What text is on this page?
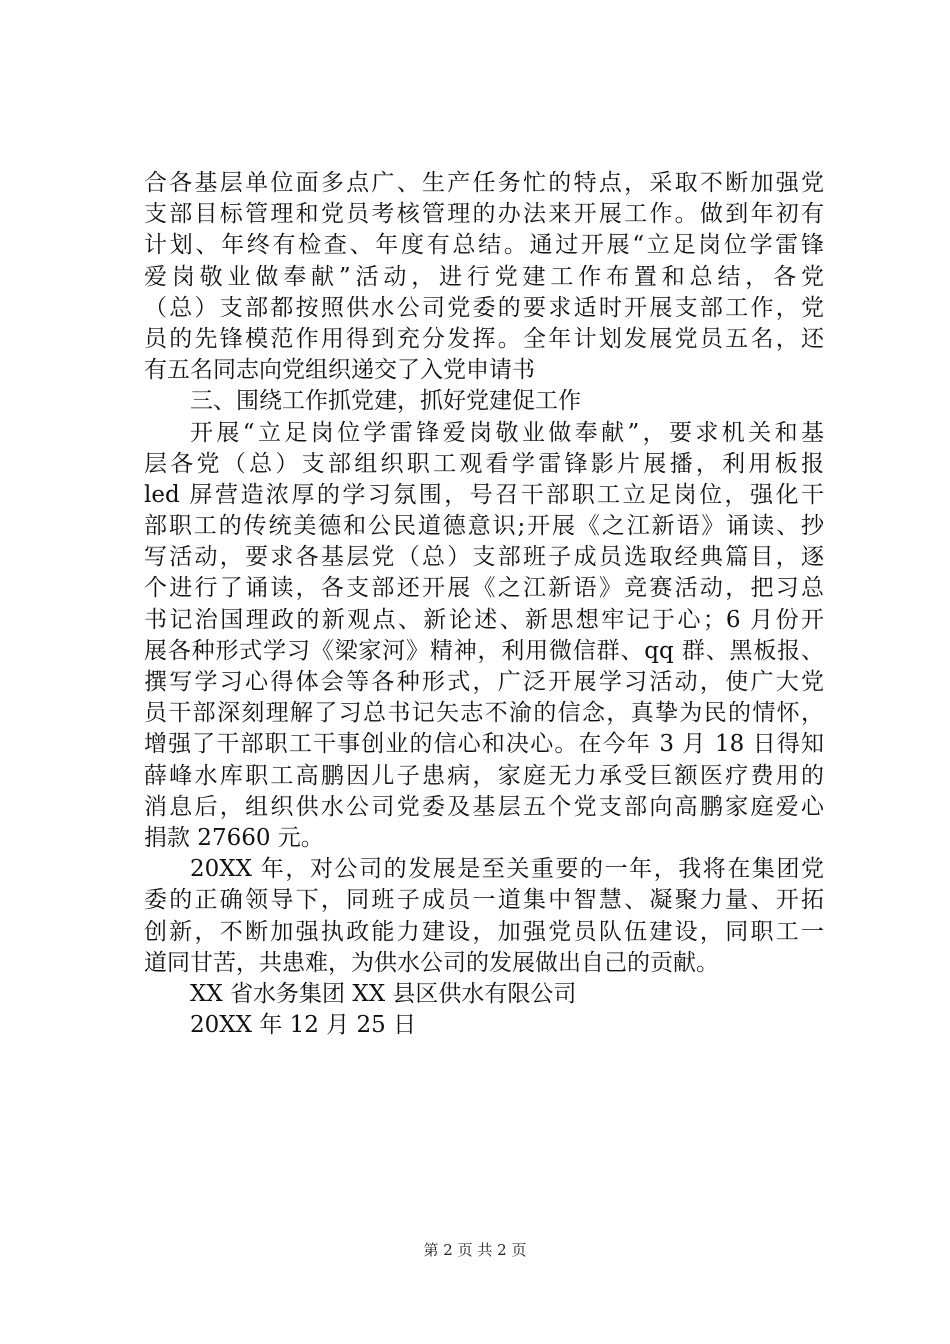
合各基层单位面多点广、生产任务忙的特点，采取不断加强党
支部目标管理和党员考核管理的办法来开展工作。做到年初有
计划、年终有检查、年度有总结。通过开展“立足岗位学雷锋
爱岗敬业做奉献”活动，进行党建工作布置和总结，各党
（总）支部都按照供水公司党委的要求适时开展支部工作，党
员的先锋模范作用得到充分发挥。全年计划发展党员五名，还
有五名同志向党组织递交了入党申请书
三、围绕工作抓党建，抓好党建促工作
开展“立足岗位学雷锋爱岗敬业做奉献”，要求机关和基
层各党（总）支部组织职工观看学雷锋影片展播，利用板报
led 屏营造浓厚的学习氛围，号召干部职工立足岗位，强化干
部职工的传统美德和公民道德意识;开展《之江新语》诵读、抄
写活动，要求各基层党（总）支部班子成员选取经典篇目，逐
个进行了诵读，各支部还开展《之江新语》竞赛活动，把习总
书记治国理政的新观点、新论述、新思想牢记于心；6 月份开
展各种形式学习《梁家河》精神，利用微信群、qq 群、黑板报、
撰写学习心得体会等各种形式，广泛开展学习活动，使广大党
员干部深刻理解了习总书记矢志不渝的信念，真挚为民的情怀，
增强了干部职工干事创业的信心和决心。在今年 3 月 18 日得知
薛峰水库职工高鹏因儿子患病，家庭无力承受巨额医疗费用的
消息后，组织供水公司党委及基层五个党支部向高鹏家庭爱心
捐款 27660 元。
20XX 年，对公司的发展是至关重要的一年，我将在集团党
委的正确领导下，同班子成员一道集中智慧、凝聚力量、开拓
创新，不断加强执政能力建设，加强党员队伍建设，同职工一
道同甘苦，共患难，为供水公司的发展做出自己的贡献。
XX 省水务集团 XX 县区供水有限公司
20XX 年 12 月 25 日
第 2 页 共 2 页
